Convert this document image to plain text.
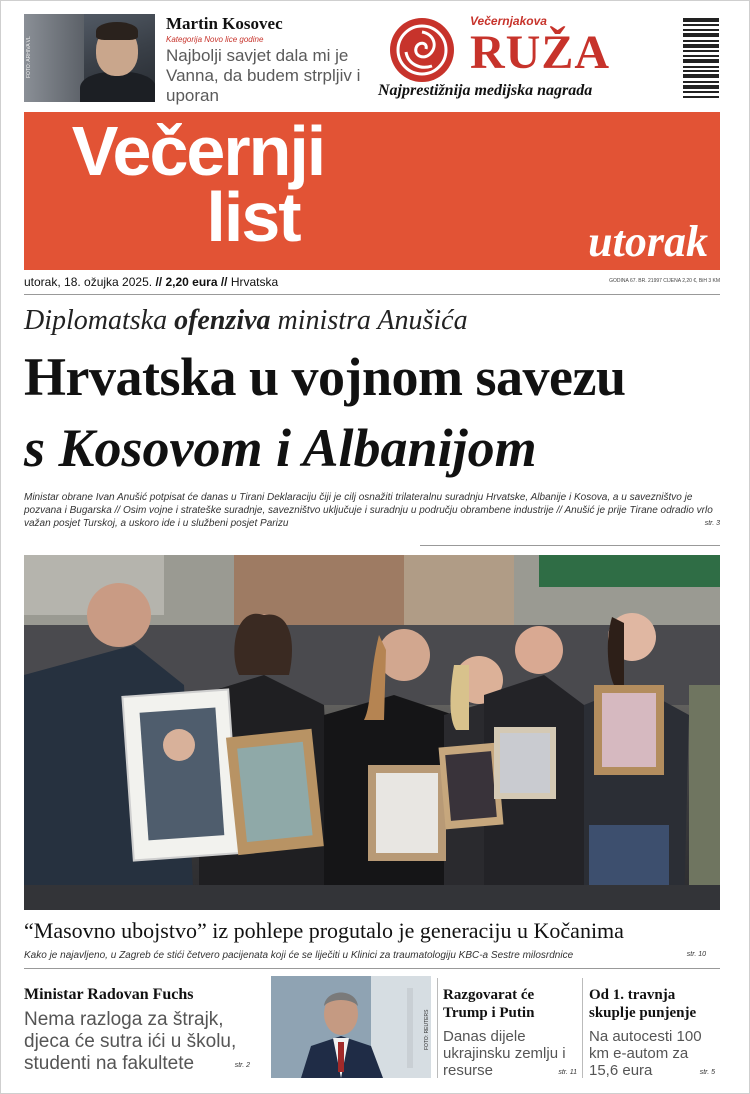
FOTO: ARHIVA VL
Martin Kosovec
Kategorija Novo lice godine
Najbolji savjet dala mi je Vanna, da budem strpljiv i uporan
Večernjakova
RUŽA
Najprestižnija medijska nagrada
Večernji
list	utorak
utorak, 18. ožujka 2025. // 2,20 eura // Hrvatska	GODINA 67. BR. 21997 CIJENA 2,20 €, BiH 3 KM
Diplomatska ofenziva ministra Anušića
Hrvatska u vojnom savezu
s Kosovom i Albanijom
Ministar obrane Ivan Anušić potpisat će danas u Tirani Deklaraciju čiji je cilj osnažiti trilateralnu suradnju Hrvatske, Albanije i Kosova, a u savezništvo je pozvana i Bugarska // Osim vojne i strateške suradnje, savezništvo uključuje i suradnju u području obrambene industrije // Anušić je prije Tirane odradio vrlo važan posjet Turskoj, a uskoro ide i u službeni posjet Parizu	str. 3
“Masovno ubojstvo” iz pohlepe progutalo je generaciju u Kočanima
Kako je najavljeno, u Zagreb će stići četvero pacijenata koji će se liječiti u Klinici za traumatologiju KBC-a Sestre milosrdnice	str. 10
Ministar Radovan Fuchs
Nema razloga za štrajk, djeca će sutra ići u školu, studenti na fakultete	str. 2
Razgovarat će Trump i Putin
Danas dijele ukrajinsku zemlju i resurse	str. 11
Od 1. travnja skuplje punjenje
Na autocesti 100 km e-autom za 15,6 eura	str. 5
FOTO: REUTERS
